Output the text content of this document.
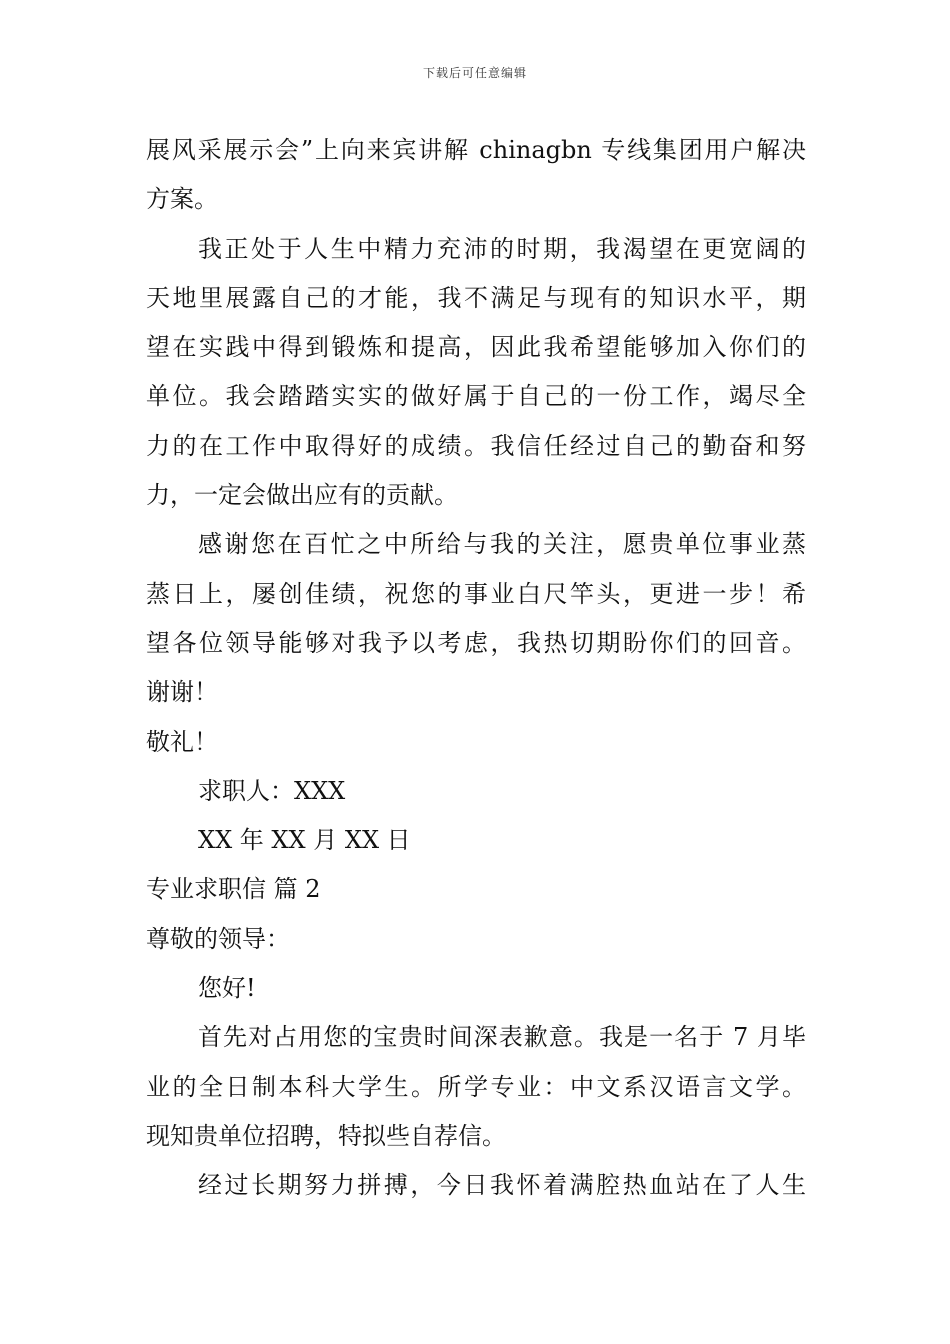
下载后可任意编辑
展风采展示会”上向来宾讲解 chinagbn 专线集团用户解决
方案。
我正处于人生中精力充沛的时期，我渴望在更宽阔的
天地里展露自己的才能，我不满足与现有的知识水平，期
望在实践中得到锻炼和提高，因此我希望能够加入你们的
单位。我会踏踏实实的做好属于自己的一份工作，竭尽全
力的在工作中取得好的成绩。我信任经过自己的勤奋和努
力，一定会做出应有的贡献。
感谢您在百忙之中所给与我的关注，愿贵单位事业蒸
蒸日上，屡创佳绩，祝您的事业白尺竿头，更进一步！希
望各位领导能够对我予以考虑，我热切期盼你们的回音。
谢谢！
敬礼！
求职人：XXX
XX 年 XX 月 XX 日
专业求职信 篇 2
尊敬的领导：
您好!
首先对占用您的宝贵时间深表歉意。我是一名于 7 月毕
业的全日制本科大学生。所学专业：中文系汉语言文学。
现知贵单位招聘，特拟些自荐信。
经过长期努力拼搏，今日我怀着满腔热血站在了人生
